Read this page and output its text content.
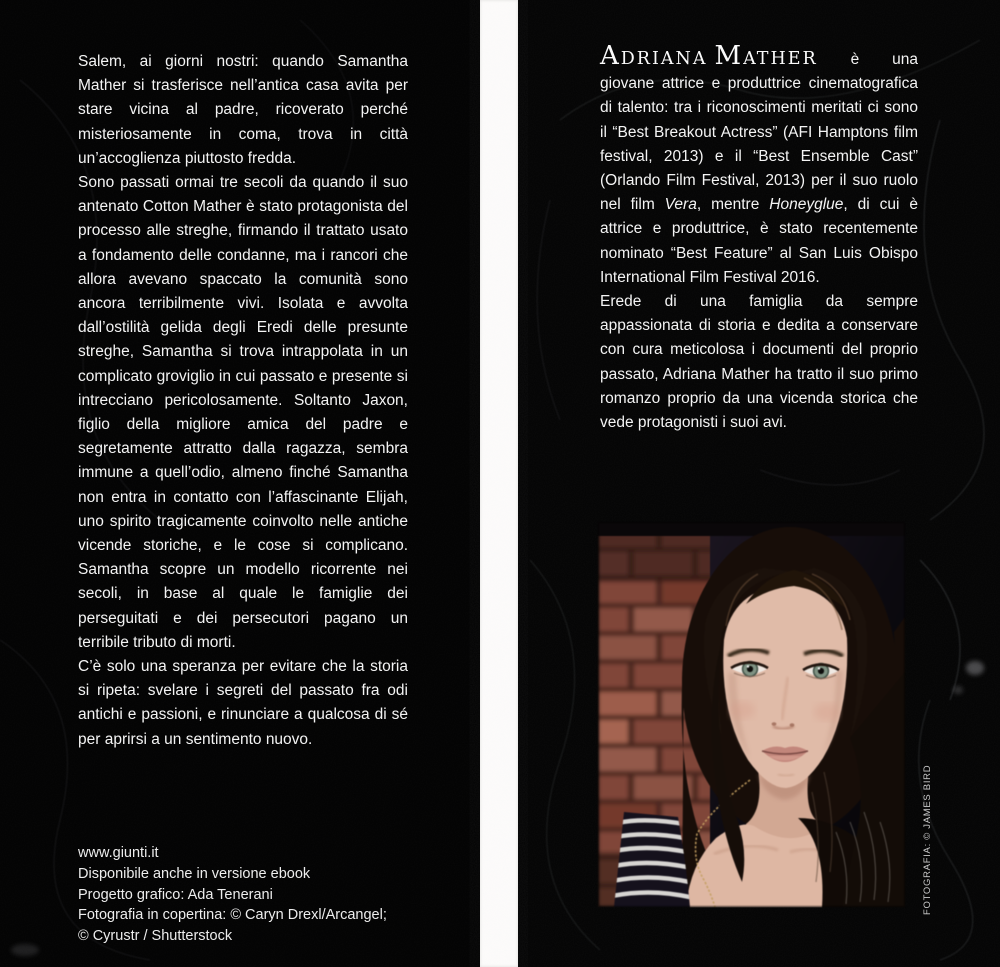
Salem, ai giorni nostri: quando Samantha Mather si trasferisce nell’antica casa avita per stare vicina al padre, ricoverato perché misteriosamente in coma, trova in città un’accoglienza piuttosto fredda.

Sono passati ormai tre secoli da quando il suo antenato Cotton Mather è stato protagonista del processo alle streghe, firmando il trattato usato a fondamento delle condanne, ma i rancori che allora avevano spaccato la comunità sono ancora terribilmente vivi. Isolata e avvolta dall’ostilità gelida degli Eredi delle presunte streghe, Samantha si trova intrappolata in un complicato groviglio in cui passato e presente si intrecciano pericolosamente. Soltanto Jaxon, figlio della migliore amica del padre e segretamente attratto dalla ragazza, sembra immune a quell’odio, almeno finché Samantha non entra in contatto con l’affascinante Elijah, uno spirito tragicamente coinvolto nelle antiche vicende storiche, e le cose si complicano. Samantha scopre un modello ricorrente nei secoli, in base al quale le famiglie dei perseguitati e dei persecutori pagano un terribile tributo di morti.

C’è solo una speranza per evitare che la storia si ripeta: svelare i segreti del passato fra odi antichi e passioni, e rinunciare a qualcosa di sé per aprirsi a un sentimento nuovo.

www.giunti.it
Disponibile anche in versione ebook
Progetto grafico: Ada Tenerani
Fotografia in copertina: © Caryn Drexl/Arcangel;
© Cyrustr / Shutterstock

ADRIANA MATHER è una giovane attrice e produttrice cinematografica di talento: tra i riconoscimenti meritati ci sono il “Best Breakout Actress” (AFI Hamptons film festival, 2013) e il “Best Ensemble Cast” (Orlando Film Festival, 2013) per il suo ruolo nel film Vera, mentre Honeyglue, di cui è attrice e produttrice, è stato recentemente nominato “Best Feature” al San Luis Obispo International Film Festival 2016.

Erede di una famiglia da sempre appassionata di storia e dedita a conservare con cura meticolosa i documenti del proprio passato, Adriana Mather ha tratto il suo primo romanzo proprio da una vicenda storica che vede protagonisti i suoi avi.

FOTOGRAFIA: © JAMES BIRD
